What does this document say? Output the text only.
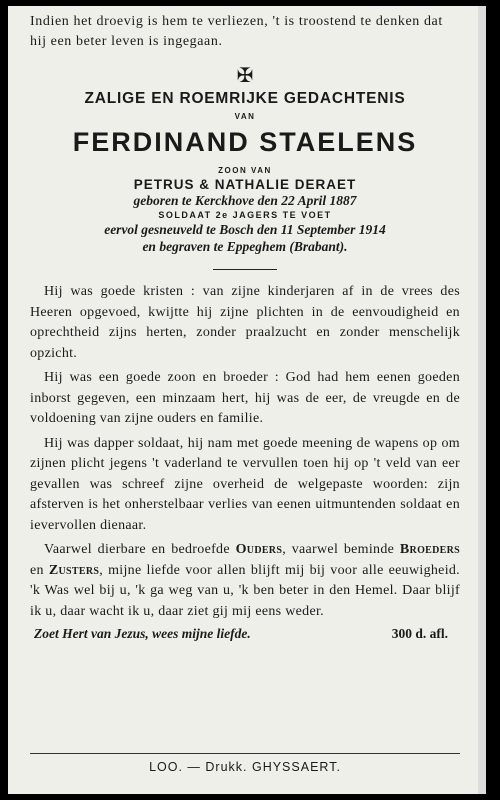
Indien het droevig is hem te verliezen, 't is troostend te denken dat hij een beter leven is ingegaan.

✠
ZALIGE EN ROEMRIJKE GEDACHTENIS
VAN
FERDINAND STAELENS
ZOON VAN
PETRUS & NATHALIE DERAET

geboren te Kerckhove den 22 April 1887

SOLDAAT 2e JAGERS TE VOET

eervol gesneuveld te Bosch den 11 September 1914

en begraven te Eppeghem (Brabant).

Hij was goede kristen : van zijne kinderjaren af in de vrees des Heeren opgevoed, kwijtte hij zijne plichten in de eenvoudigheid en oprechtheid zijns herten, zonder praalzucht en zonder menschelijk opzicht.

Hij was een goede zoon en broeder : God had hem eenen goeden inborst gegeven, een minzaam hert, hij was de eer, de vreugde en de voldoening van zijne ouders en familie.

Hij was dapper soldaat, hij nam met goede meening de wapens op om zijnen plicht jegens 't vaderland te vervullen toen hij op 't veld van eer gevallen was schreef zijne overheid de welgepaste woorden: zijn afsterven is het onherstelbaar verlies van eenen uitmuntenden soldaat en ievervollen dienaar.

Vaarwel dierbare en bedroefde Ouders, vaarwel beminde Broeders en Zusters, mijne liefde voor allen blijft mij bij voor alle eeuwigheid. 'k Was wel bij u, 'k ga weg van u, 'k ben beter in den Hemel. Daar blijf ik u, daar wacht ik u, daar ziet gij mij eens weder.

Zoet Hert van Jezus, wees mijne liefde.	300 d. afl.
LOO. — Drukk. GHYSSAERT.
